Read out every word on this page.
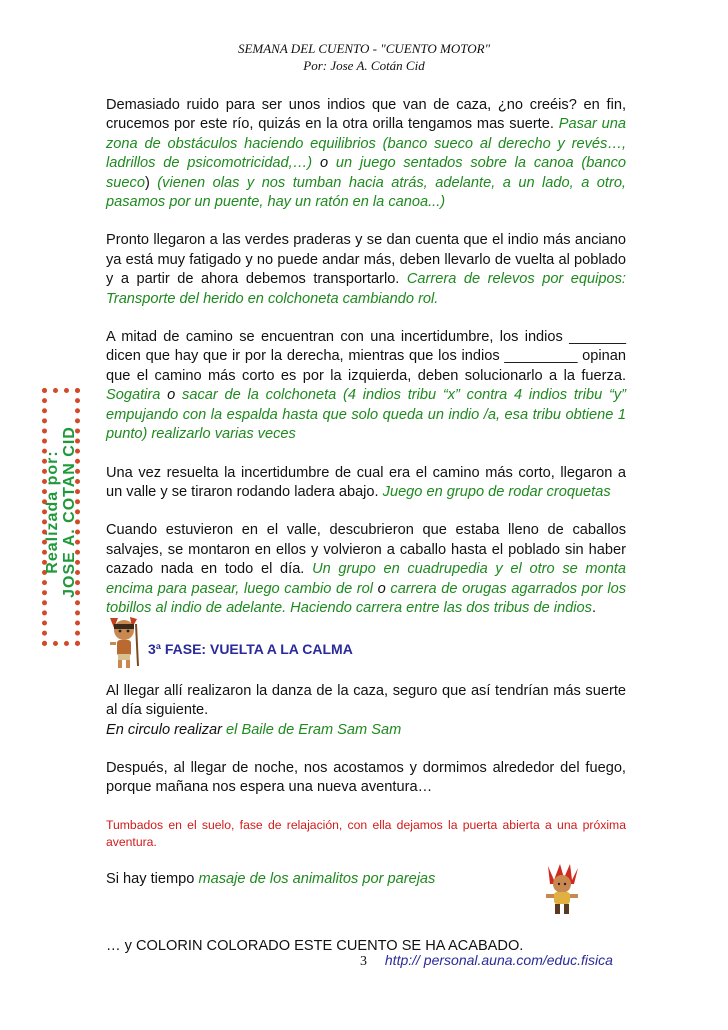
SEMANA DEL CUENTO - "CUENTO MOTOR"
Por: Jose A. Cotán Cid
Realizada por: JOSE A. COTAN CID

Demasiado ruido para ser unos indios que van de caza, ¿no creéis? en fin, crucemos por este río, quizás en la otra orilla tengamos mas suerte. Pasar una zona de obstáculos haciendo equilibrios (banco sueco al derecho y revés…, ladrillos de psicomotricidad,…) o un juego sentados sobre la canoa (banco sueco) (vienen olas y nos tumban hacia atrás, adelante, a un lado, a otro, pasamos por un puente, hay un ratón en la canoa...)

Pronto llegaron a las verdes praderas y se dan cuenta que el indio más anciano ya está muy fatigado y no puede andar más, deben llevarlo de vuelta al poblado y a partir de ahora debemos transportarlo. Carrera de relevos por equipos: Transporte del herido en colchoneta cambiando rol.

A mitad de camino se encuentran con una incertidumbre, los indios _______ dicen que hay que ir por la derecha, mientras que los indios _________ opinan que el camino más corto es por la izquierda, deben solucionarlo a la fuerza. Sogatira o sacar de la colchoneta (4 indios tribu “x” contra 4 indios tribu “y” empujando con la espalda hasta que solo queda un indio /a, esa tribu obtiene 1 punto) realizarlo varias veces

Una vez resuelta la incertidumbre de cual era el camino más corto, llegaron a un valle y se tiraron rodando ladera abajo. Juego en grupo de rodar croquetas

Cuando estuvieron en el valle, descubrieron que estaba lleno de caballos salvajes, se montaron en ellos y volvieron a caballo hasta el poblado sin haber cazado nada en todo el día. Un grupo en cuadrupedia y el otro se monta encima para pasear, luego cambio de rol o carrera de orugas agarrados por los tobillos al indio de adelante. Haciendo carrera entre las dos tribus de indios.

3ª FASE: VUELTA A LA CALMA

Al llegar allí realizaron la danza de la caza, seguro que así tendrían más suerte al día siguiente.
En circulo realizar el Baile de Eram Sam Sam

Después, al llegar de noche, nos acostamos y dormimos alrededor del fuego, porque mañana nos espera una nueva aventura…

Tumbados en el suelo, fase de relajación, con ella dejamos la puerta abierta a una próxima aventura.

Si hay tiempo masaje de los animalitos por parejas

… y COLORIN COLORADO ESTE CUENTO SE HA ACABADO.

3 http:// personal.auna.com/educ.fisica
